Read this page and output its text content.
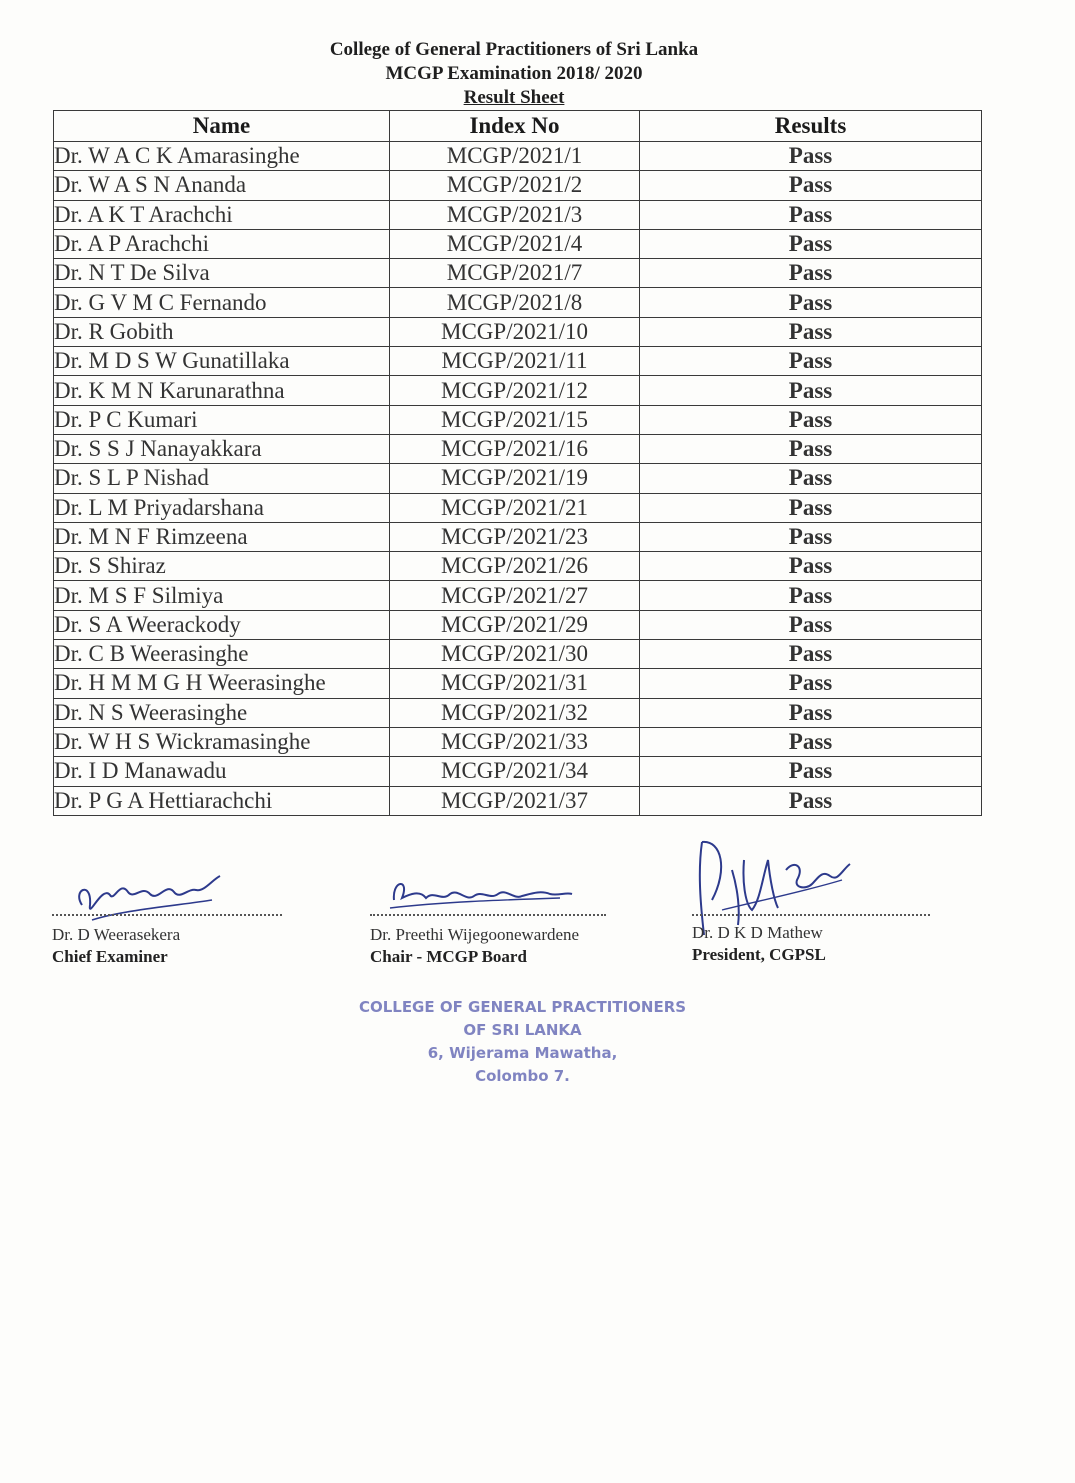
College of General Practitioners of Sri Lanka
MCGP Examination 2018/ 2020
Result Sheet
Name	Index No	Results
Dr. W A C K Amarasinghe	MCGP/2021/1	Pass
Dr. W A S N Ananda	MCGP/2021/2	Pass
Dr. A K T Arachchi	MCGP/2021/3	Pass
Dr. A P Arachchi	MCGP/2021/4	Pass
Dr. N T De Silva	MCGP/2021/7	Pass
Dr. G V M C Fernando	MCGP/2021/8	Pass
Dr. R Gobith	MCGP/2021/10	Pass
Dr. M D S W Gunatillaka	MCGP/2021/11	Pass
Dr. K M N Karunarathna	MCGP/2021/12	Pass
Dr. P C Kumari	MCGP/2021/15	Pass
Dr. S S J Nanayakkara	MCGP/2021/16	Pass
Dr. S L P Nishad	MCGP/2021/19	Pass
Dr. L M Priyadarshana	MCGP/2021/21	Pass
Dr. M N F Rimzeena	MCGP/2021/23	Pass
Dr. S Shiraz	MCGP/2021/26	Pass
Dr. M S F Silmiya	MCGP/2021/27	Pass
Dr. S A Weerackody	MCGP/2021/29	Pass
Dr. C B Weerasinghe	MCGP/2021/30	Pass
Dr. H M M G H Weerasinghe	MCGP/2021/31	Pass
Dr. N S Weerasinghe	MCGP/2021/32	Pass
Dr. W H S Wickramasinghe	MCGP/2021/33	Pass
Dr. I D Manawadu	MCGP/2021/34	Pass
Dr. P G A Hettiarachchi	MCGP/2021/37	Pass
Dr. D Weerasekera
Chief Examiner
Dr. Preethi Wijegoonewardene
Chair - MCGP Board
Dr. D K D Mathew
President, CGPSL
COLLEGE OF GENERAL PRACTITIONERS
OF SRI LANKA
6, Wijerama Mawatha,
Colombo 7.
